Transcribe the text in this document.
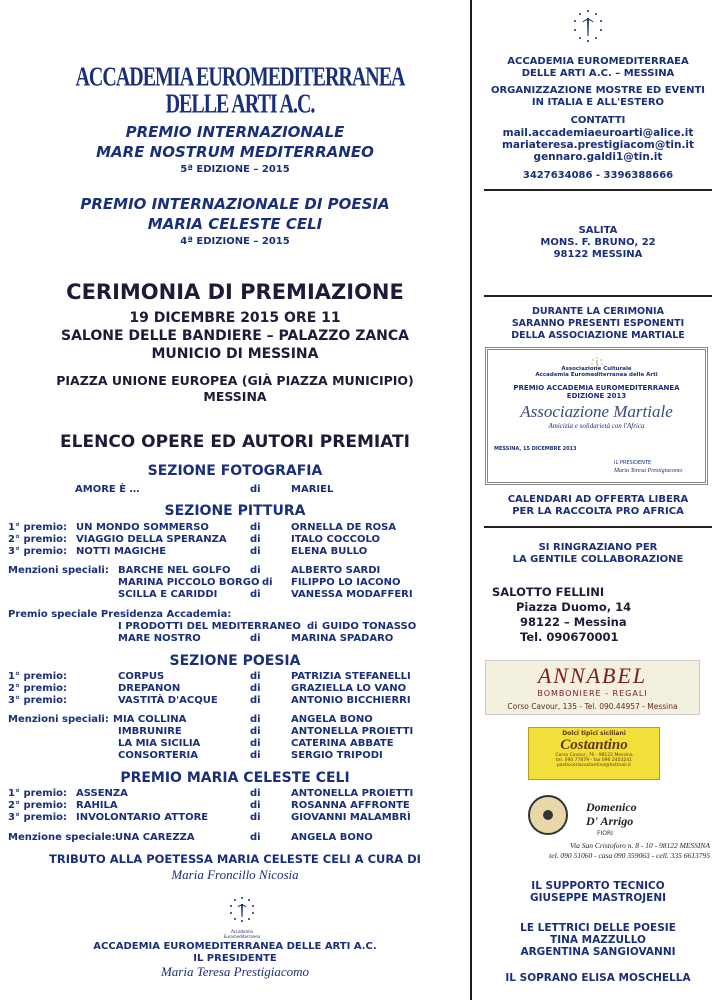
ACCADEMIA EUROMEDITERRANEA DELLE ARTI A.C.
PREMIO INTERNAZIONALE
MARE NOSTRUM MEDITERRANEO
5ª EDIZIONE – 2015
PREMIO INTERNAZIONALE DI POESIA
MARIA CELESTE CELI
4ª EDIZIONE – 2015
CERIMONIA DI PREMIAZIONE
19 DICEMBRE 2015 ORE 11
SALONE DELLE BANDIERE – PALAZZO ZANCA
MUNICIO DI MESSINA
PIAZZA UNIONE EUROPEA (GIÀ PIAZZA MUNICIPIO)
MESSINA
ELENCO OPERE ED AUTORI PREMIATI
SEZIONE FOTOGRAFIA
AMORE È …	di	MARIEL
SEZIONE PITTURA
1° premio: UN MONDO SOMMERSO	di	ORNELLA DE ROSA
2° premio: VIAGGIO DELLA SPERANZA di	ITALO COCCOLO
3° premio: NOTTI MAGICHE	di	ELENA BULLO
Menzioni speciali: BARCHE NEL GOLFO di	ALBERTO SARDI
MARINA PICCOLO BORGO di FILIPPO LO IACONO
SCILLA E CARIDDI	di	VANESSA MODAFFERI
Premio speciale Presidenza Accademia:
I PRODOTTI DEL MEDITERRANEO di GUIDO TONASSO
MARE NOSTRO	di	MARINA SPADARO
SEZIONE POESIA
1° premio:	CORPUS	di	PATRIZIA STEFANELLI
2° premio:	DREPANON	di	GRAZIELLA LO VANO
3° premio:	VASTITÀ D'ACQUE	di	ANTONIO BICCHIERRI
Menzioni speciali: MIA COLLINA	di	ANGELA BONO
IMBRUNIRE	di	ANTONELLA PROIETTI
LA MIA SICILIA	di	CATERINA ABBATE
CONSORTERIA	di	SERGIO TRIPODI
PREMIO MARIA CELESTE CELI
1° premio: ASSENZA	di	ANTONELLA PROIETTI
2° premio: RAHILA	di	ROSANNA AFFRONTE
3° premio: INVOLONTARIO ATTORE	di	GIOVANNI MALAMBRÌ
Menzione speciale: UNA CAREZZA	di	ANGELA BONO
TRIBUTO ALLA POETESSA MARIA CELESTE CELI A CURA DI
Maria Froncillo Nicosia
Accademia Euromediterranea
ACCADEMIA EUROMEDITERRANEA DELLE ARTI A.C.
IL PRESIDENTE
Maria Teresa Prestigiacomo
ACCADEMIA EUROMEDITERRAEA
DELLE ARTI A.C. – MESSINA
ORGANIZZAZIONE MOSTRE ED EVENTI
IN ITALIA E ALL'ESTERO
CONTATTI
mail.accademiaeuroarti@alice.it
mariateresa.prestigiacom@tin.it
gennaro.galdi1@tin.it
3427634086 - 3396388666
SALITA
MONS. F. BRUNO, 22
98122 MESSINA
DURANTE LA CERIMONIA
SARANNO PRESENTI ESPONENTI
DELLA ASSOCIAZIONE MARTIALE
Associazione Culturale
Accademia Euromediterranea delle Arti
PREMIO ACCADEMIA EUROMEDITERRANEA
EDIZIONE 2013
Associazione Martiale
Amicizia e solidarietà con l'Africa
MESSINA, 15 DICEMBRE 2013
IL PRESIDENTE
Maria Teresa Prestigiacomo
CALENDARI AD OFFERTA LIBERA
PER LA RACCOLTA PRO AFRICA
SI RINGRAZIANO PER
LA GENTILE COLLABORAZIONE
SALOTTO FELLINI
Piazza Duomo, 14
98122 – Messina
Tel. 090670001
ANNABEL
BOMBONIERE - REGALI
Corso Cavour, 135 - Tel. 090.44957 - Messina
Dolci tipici siciliani
Costantino
Corso Cavour, 76 - 98122 Messina
tel. 090 77879 - fax 090 2403241
pasticceriacostantino@hotmail.it
Domenico
D' Arrigo
FIORI
Via San Cristoforo n. 8 - 10 - 98122 MESSINA
tel. 090 51060 - casa 090 359063 - cell. 335 6613795
IL SUPPORTO TECNICO
GIUSEPPE MASTROJENI
LE LETTRICI DELLE POESIE
TINA MAZZULLO
ARGENTINA SANGIOVANNI
IL SOPRANO ELISA MOSCHELLA
